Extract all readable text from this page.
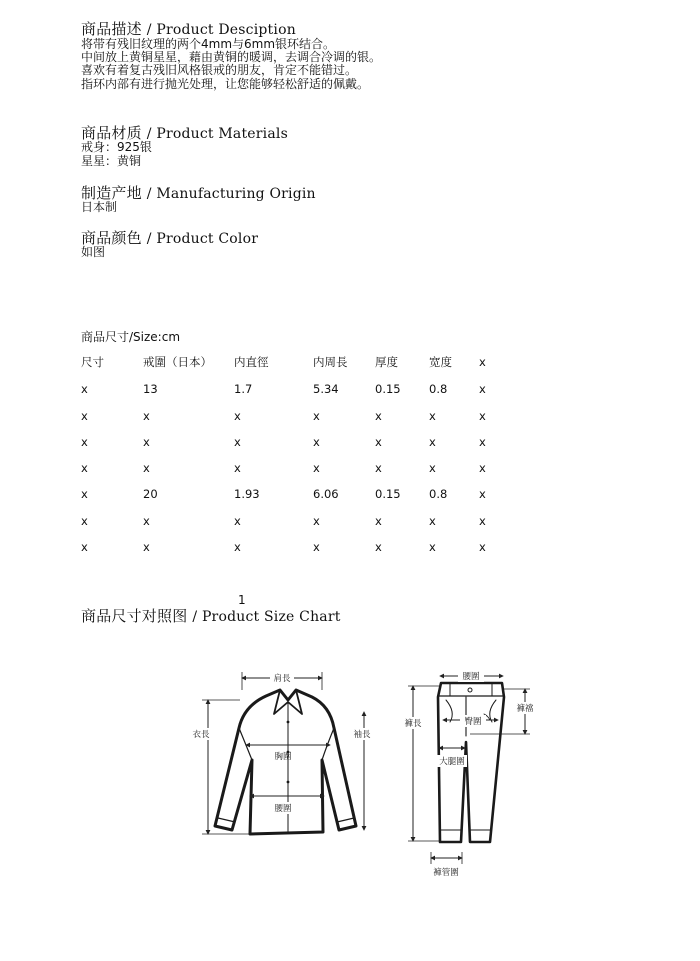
商品描述 / Product Desciption
将带有残旧纹理的两个4mm与6mm银环结合。
中间放上黄铜星星，藉由黄铜的暖调，去调合冷调的银。
喜欢有着复古残旧风格银戒的朋友，肯定不能错过。
指环内部有进行抛光处理，让您能够轻松舒适的佩戴。
商品材质 / Product Materials
戒身：925银
星星：黄铜
制造产地 / Manufacturing Origin
日本制
商品颜色 / Product Color
如图
商品尺寸/Size:cm
尺寸	戒圍（日本） 内直徑	内周長 厚度	宽度 x
x	13	1.7	5.34	0.15 0.8	x
x	x	x	x	x	x	x
x	x	x	x	x	x	x
x	x	x	x	x	x	x
x	20	1.93	6.06	0.15 0.8	x
x	x	x	x	x	x	x
x	x	x	x	x	x	x
1
商品尺寸对照图 / Product Size Chart
肩長
衣長	袖長
胸圍
腰圍
腰圍
褲襠
褲長	臀圍
大腿圍
褲管圍
